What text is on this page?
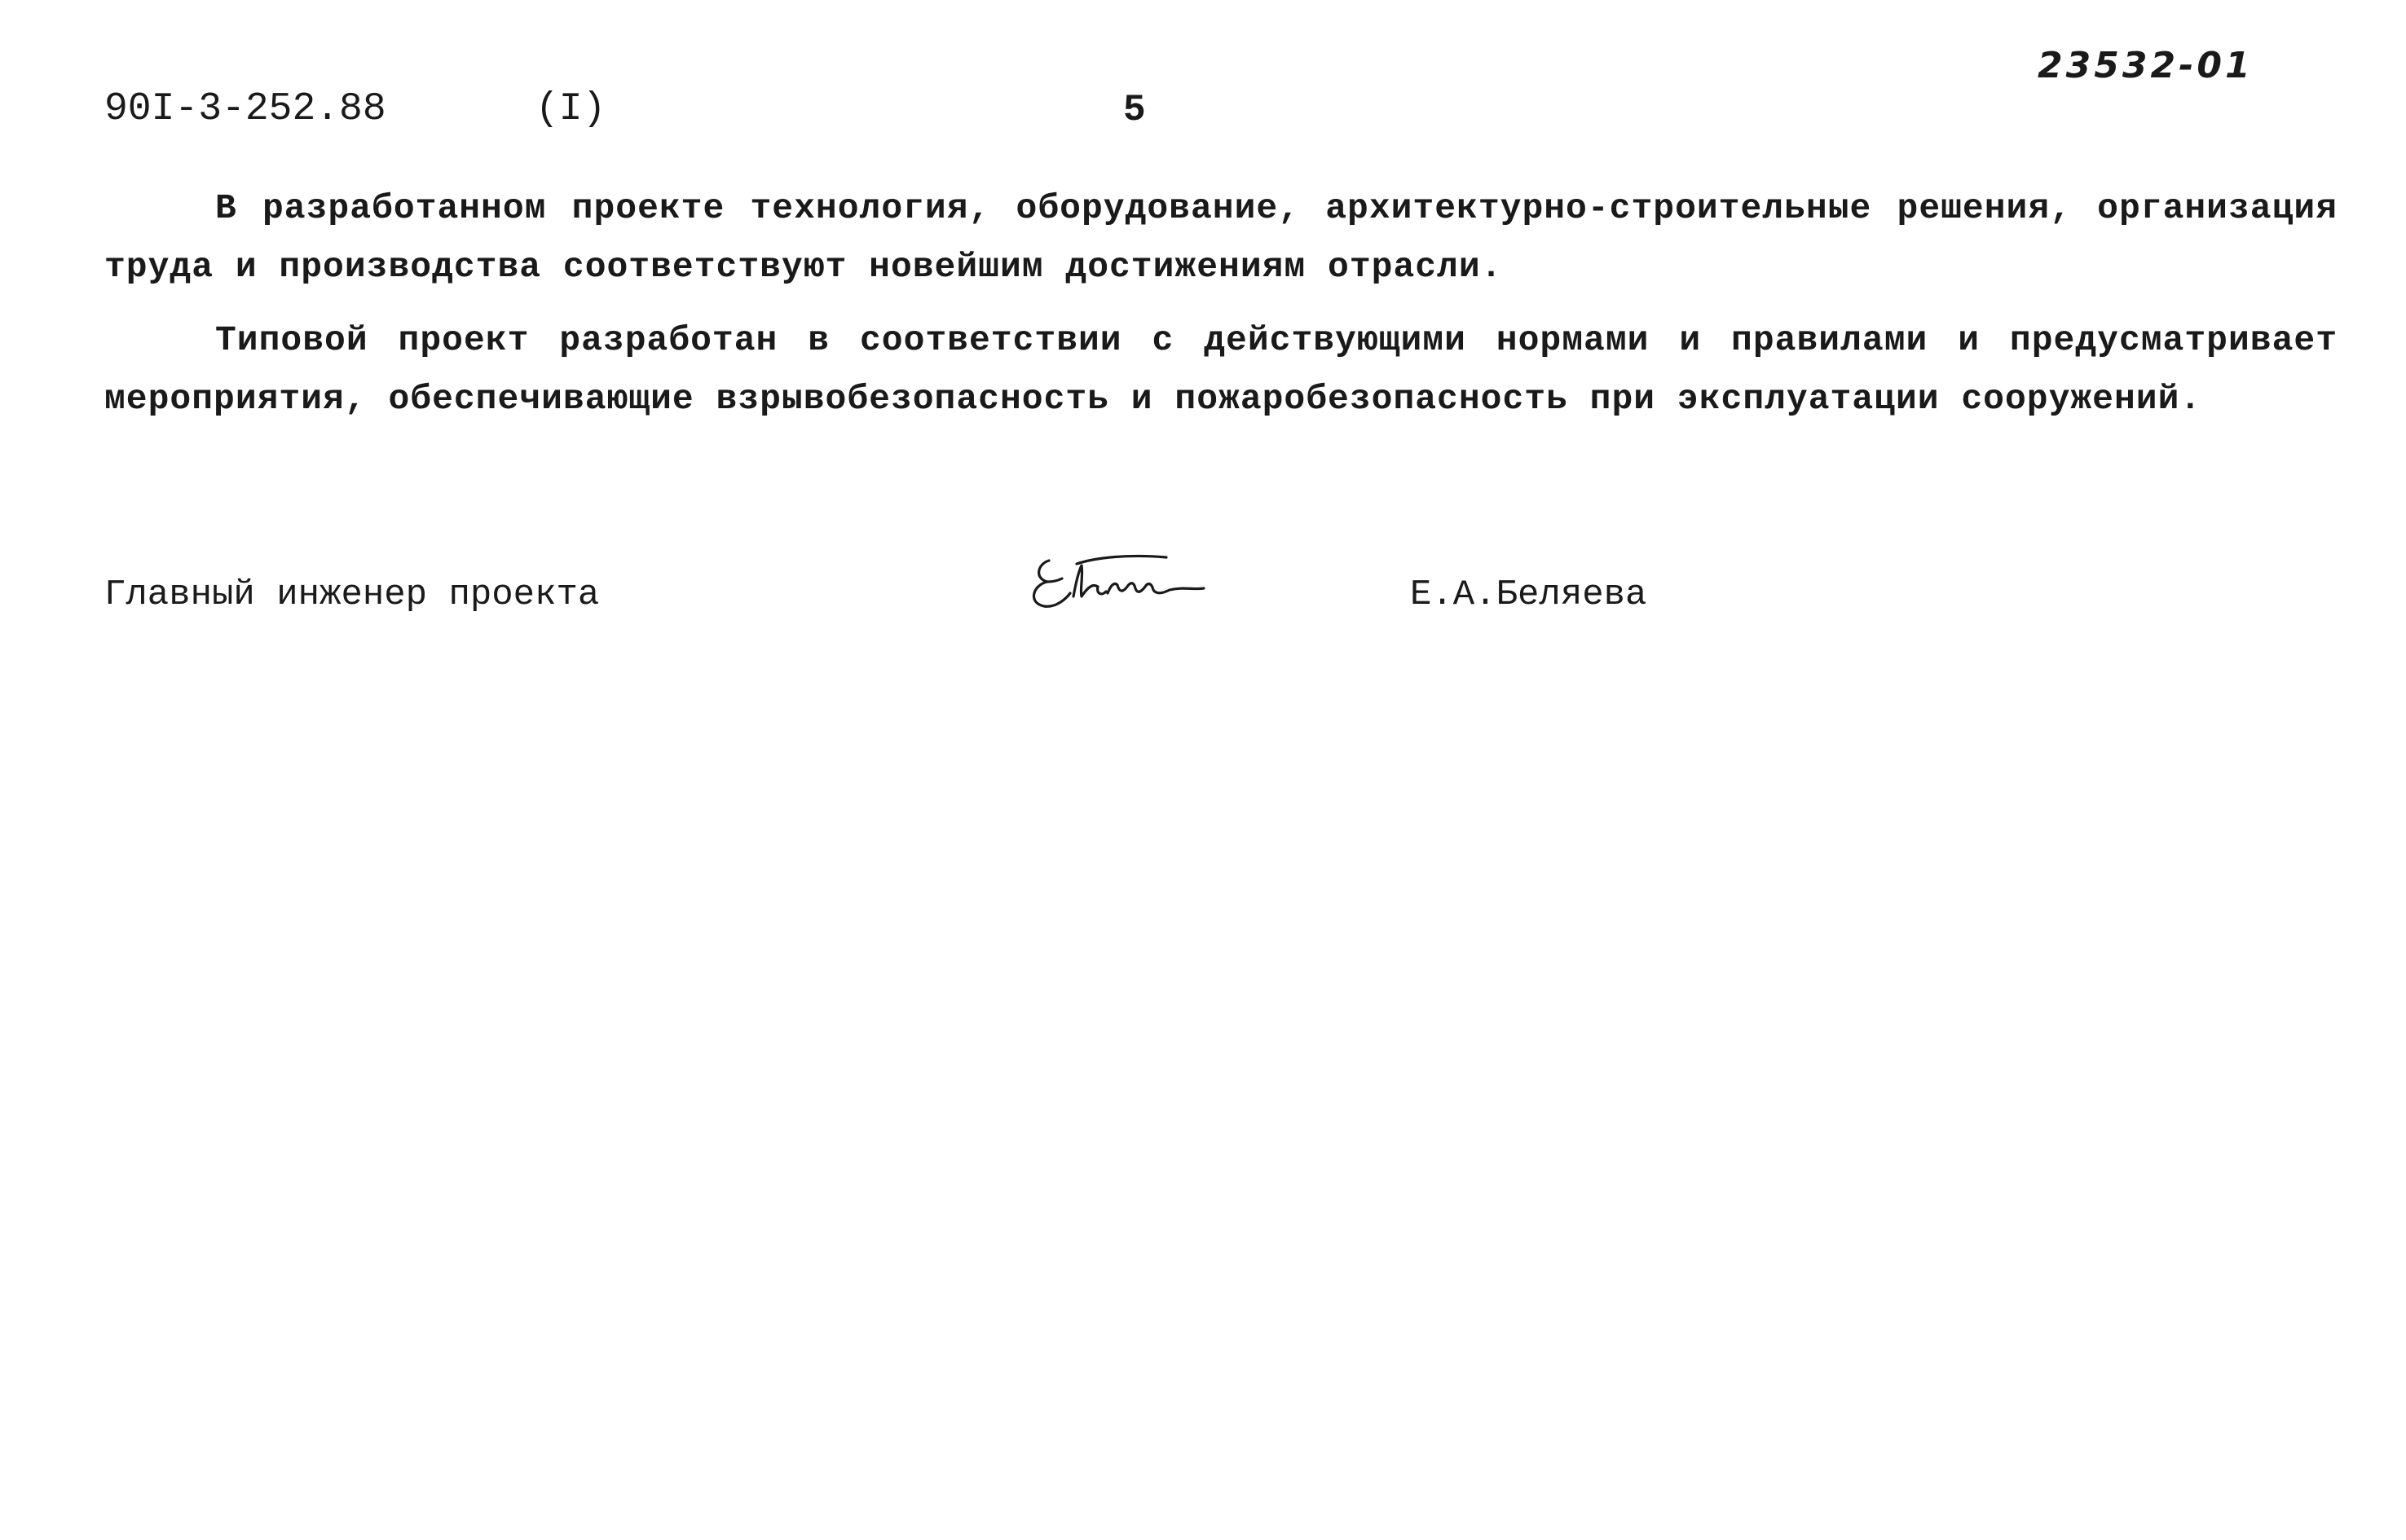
90I-3-252.88	(I)	5
23532-01

В разработанном проекте технология, оборудование, архитектурно-строительные решения, организация труда и производства соответствуют новейшим достижениям отрасли.

Типовой проект разработан в соответствии с действующими нормами и правилами и предусматривает мероприятия, обеспечивающие взрывобезопасность и пожаробезопасность при эксплуатации сооружений.

Главный инженер проекта	Е.А.Беляева
